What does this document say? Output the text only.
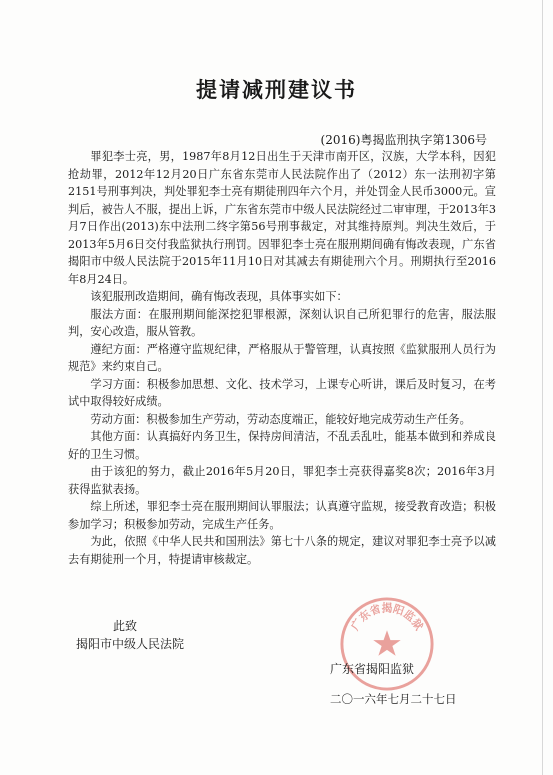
提请减刑建议书

(2016)粤揭监刑执字第1306号

罪犯李士亮，男，1987年8月12日出生于天津市南开区，汉族，大学本科，因犯抢劫罪，2012年12月20日广东省东莞市人民法院作出了（2012）东一法刑初字第2151号刑事判决，判处罪犯李士亮有期徒刑四年六个月，并处罚金人民币3000元。宣判后，被告人不服，提出上诉，广东省东莞市中级人民法院经过二审审理，于2013年3月7日作出(2013)东中法刑二终字第56号刑事裁定，对其维持原判。判决生效后，于2013年5月6日交付我监狱执行刑罚。因罪犯李士亮在服刑期间确有悔改表现，广东省揭阳市中级人民法院于2015年11月10日对其减去有期徒刑六个月。刑期执行至2016年8月24日。

该犯服刑改造期间，确有悔改表现，具体事实如下：

服法方面：在服刑期间能深挖犯罪根源，深刻认识自己所犯罪行的危害，服法服判，安心改造，服从管教。

遵纪方面：严格遵守监规纪律，严格服从于警管理，认真按照《监狱服刑人员行为规范》来约束自己。

学习方面：积极参加思想、文化、技术学习，上课专心听讲，课后及时复习，在考试中取得较好成绩。

劳动方面：积极参加生产劳动，劳动态度端正，能较好地完成劳动生产任务。

其他方面：认真搞好内务卫生，保持房间清洁，不乱丢乱吐，能基本做到和养成良好的卫生习惯。

由于该犯的努力，截止2016年5月20日，罪犯李士亮获得嘉奖8次；2016年3月获得监狱表扬。

综上所述，罪犯李士亮在服刑期间认罪服法；认真遵守监规，接受教育改造；积极参加学习；积极参加劳动，完成生产任务。

为此，依照《中华人民共和国刑法》第七十八条的规定，建议对罪犯李士亮予以减去有期徒刑一个月，特提请审核裁定。

此致

揭阳市中级人民法院

广东省揭阳监狱

广东省揭阳监狱

二〇一六年七月二十七日
